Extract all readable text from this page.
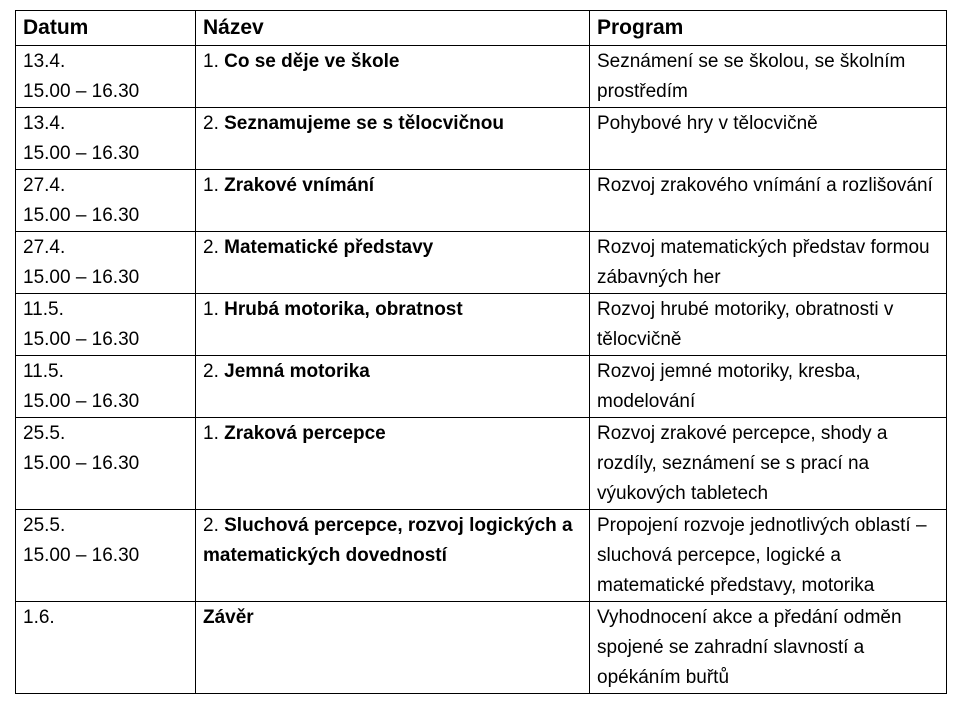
Datum	Název	Program

13.4.
15.00 – 16.30	1. Co se děje ve škole	Seznámení se se školou, se školním prostředím

13.4.
15.00 – 16.30	2. Seznamujeme se s tělocvičnou	Pohybové hry v tělocvičně

27.4.
15.00 – 16.30	1. Zrakové vnímání	Rozvoj zrakového vnímání a rozlišování

27.4.
15.00 – 16.30	2. Matematické představy	Rozvoj matematických představ formou zábavných her

11.5.
15.00 – 16.30	1. Hrubá motorika, obratnost	Rozvoj hrubé motoriky, obratnosti v tělocvičně

11.5.
15.00 – 16.30	2. Jemná motorika	Rozvoj jemné motoriky, kresba, modelování

25.5.
15.00 – 16.30	1. Zraková percepce	Rozvoj zrakové percepce, shody a rozdíly, seznámení se s prací na výukových tabletech

25.5.
15.00 – 16.30	2. Sluchová percepce, rozvoj logických a matematických dovedností	Propojení rozvoje jednotlivých oblastí – sluchová percepce, logické a matematické představy, motorika

1.6.	Závěr	Vyhodnocení akce a předání odměn spojené se zahradní slavností a opékáním buřtů
